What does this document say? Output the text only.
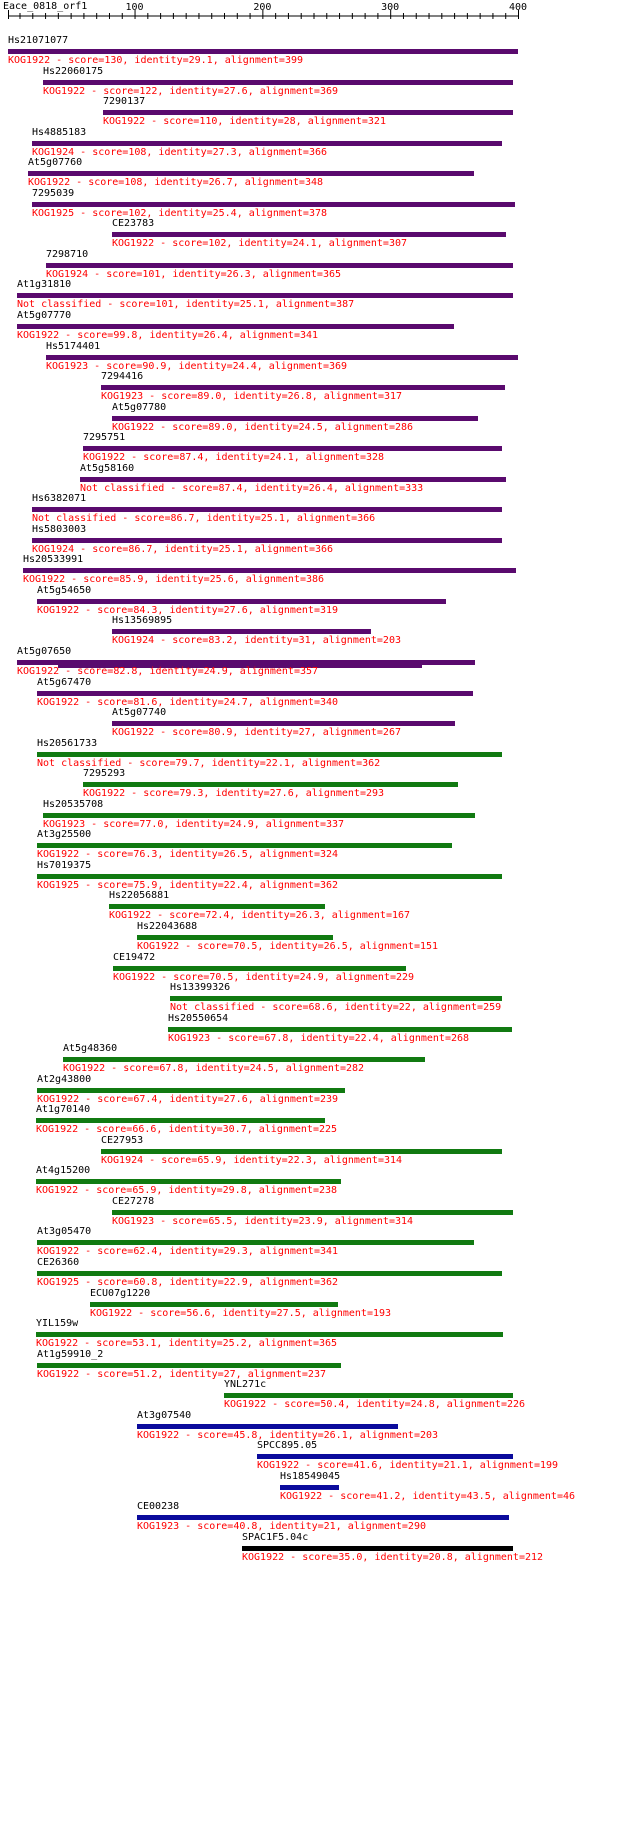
Eace_0818_orf1	100	200	300	400
Hs21071077
KOG1922 - score=130, identity=29.1, alignment=399
Hs22060175
KOG1922 - score=122, identity=27.6, alignment=369
7290137
KOG1922 - score=110, identity=28, alignment=321
Hs4885183
KOG1924 - score=108, identity=27.3, alignment=366
At5g07760
KOG1922 - score=108, identity=26.7, alignment=348
7295039
KOG1925 - score=102, identity=25.4, alignment=378
CE23783
KOG1922 - score=102, identity=24.1, alignment=307
7298710
KOG1924 - score=101, identity=26.3, alignment=365
At1g31810
Not classified - score=101, identity=25.1, alignment=387
At5g07770
KOG1922 - score=99.8, identity=26.4, alignment=341
Hs5174401
KOG1923 - score=90.9, identity=24.4, alignment=369
7294416
KOG1923 - score=89.0, identity=26.8, alignment=317
At5g07780
KOG1922 - score=89.0, identity=24.5, alignment=286
7295751
KOG1922 - score=87.4, identity=24.1, alignment=328
At5g58160
Not classified - score=87.4, identity=26.4, alignment=333
Hs6382071
Not classified - score=86.7, identity=25.1, alignment=366
Hs5803003
KOG1924 - score=86.7, identity=25.1, alignment=366
Hs20533991
KOG1922 - score=85.9, identity=25.6, alignment=386
At5g54650
KOG1922 - score=84.3, identity=27.6, alignment=319
Hs13569895
KOG1924 - score=83.2, identity=31, alignment=203
At5g07650
KOG1922 - score=82.8, identity=24.9, alignment=357
At5g67470
KOG1922 - score=81.6, identity=24.7, alignment=340
At5g07740
KOG1922 - score=80.9, identity=27, alignment=267
Hs20561733
Not classified - score=79.7, identity=22.1, alignment=362
7295293
KOG1922 - score=79.3, identity=27.6, alignment=293
Hs20535708
KOG1923 - score=77.0, identity=24.9, alignment=337
At3g25500
KOG1922 - score=76.3, identity=26.5, alignment=324
Hs7019375
KOG1925 - score=75.9, identity=22.4, alignment=362
Hs22056881
KOG1922 - score=72.4, identity=26.3, alignment=167
Hs22043688
KOG1922 - score=70.5, identity=26.5, alignment=151
CE19472
KOG1922 - score=70.5, identity=24.9, alignment=229
Hs13399326
Not classified - score=68.6, identity=22, alignment=259
Hs20550654
KOG1923 - score=67.8, identity=22.4, alignment=268
At5g48360
KOG1922 - score=67.8, identity=24.5, alignment=282
At2g43800
KOG1922 - score=67.4, identity=27.6, alignment=239
At1g70140
KOG1922 - score=66.6, identity=30.7, alignment=225
CE27953
KOG1924 - score=65.9, identity=22.3, alignment=314
At4g15200
KOG1922 - score=65.9, identity=29.8, alignment=238
CE27278
KOG1923 - score=65.5, identity=23.9, alignment=314
At3g05470
KOG1922 - score=62.4, identity=29.3, alignment=341
CE26360
KOG1925 - score=60.8, identity=22.9, alignment=362
ECU07g1220
KOG1922 - score=56.6, identity=27.5, alignment=193
YIL159w
KOG1922 - score=53.1, identity=25.2, alignment=365
At1g59910_2
KOG1922 - score=51.2, identity=27, alignment=237
YNL271c
KOG1922 - score=50.4, identity=24.8, alignment=226
At3g07540
KOG1922 - score=45.8, identity=26.1, alignment=203
SPCC895.05
KOG1922 - score=41.6, identity=21.1, alignment=199
Hs18549045
KOG1922 - score=41.2, identity=43.5, alignment=46
CE00238
KOG1923 - score=40.8, identity=21, alignment=290
SPAC1F5.04c
KOG1922 - score=35.0, identity=20.8, alignment=212
